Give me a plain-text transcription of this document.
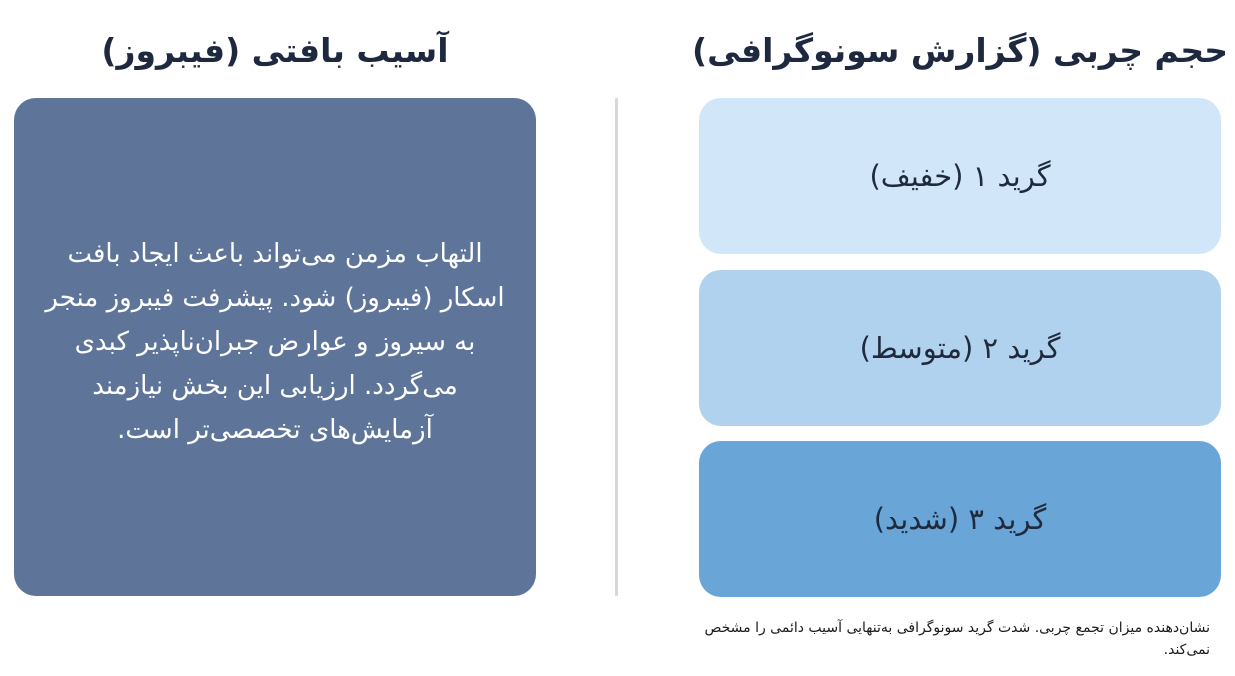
حجم چربی (گزارش سونوگرافی)
آسیب بافتی (فیبروز)
گرید ۱ (خفیف)
گرید ۲ (متوسط)
گرید ۳ (شدید)
نشان‌دهنده میزان تجمع چربی. شدت گرید سونوگرافی به‌تنهایی آسیب دائمی را مشخص نمی‌کند.
التهاب مزمن می‌تواند باعث ایجاد بافت اسکار (فیبروز) شود. پیشرفت فیبروز منجر به سیروز و عوارض جبران‌ناپذیر کبدی می‌گردد. ارزیابی این بخش نیازمند آزمایش‌های تخصصی‌تر است.
